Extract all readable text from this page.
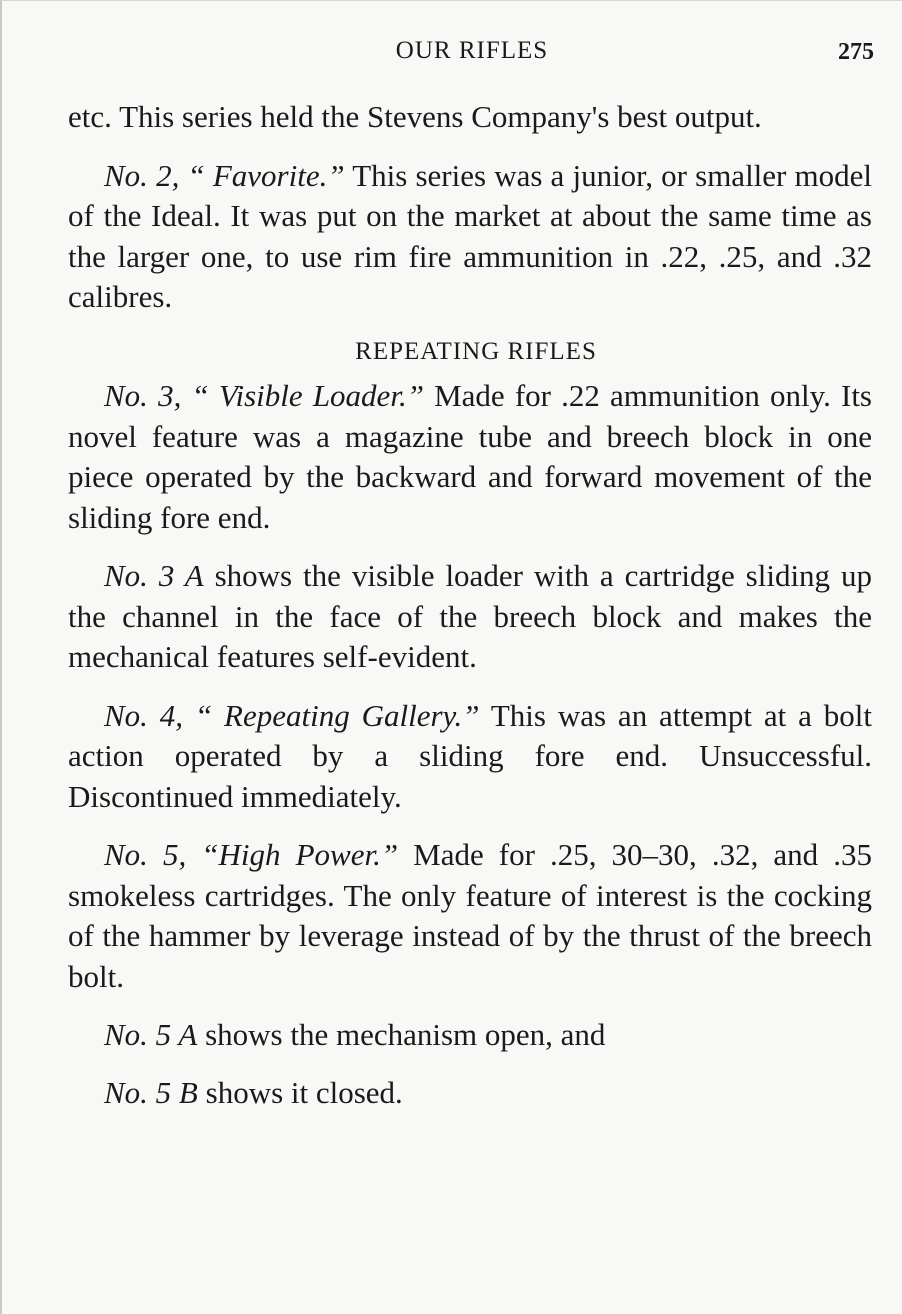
OUR RIFLES	275

etc. This series held the Stevens Company's best output.

No. 2, “ Favorite.” This series was a junior, or smaller model of the Ideal. It was put on the market at about the same time as the larger one, to use rim fire ammunition in .22, .25, and .32 calibres.

REPEATING RIFLES

No. 3, “ Visible Loader.” Made for .22 ammunition only. Its novel feature was a magazine tube and breech block in one piece operated by the backward and forward movement of the sliding fore end.

No. 3 A shows the visible loader with a cartridge sliding up the channel in the face of the breech block and makes the mechanical features self-evident.

No. 4, “ Repeating Gallery.” This was an attempt at a bolt action operated by a sliding fore end. Unsuccessful. Discontinued immediately.

No. 5, “High Power.” Made for .25, 30–30, .32, and .35 smokeless cartridges. The only feature of interest is the cocking of the hammer by leverage instead of by the thrust of the breech bolt.

No. 5 A shows the mechanism open, and

No. 5 B shows it closed.
